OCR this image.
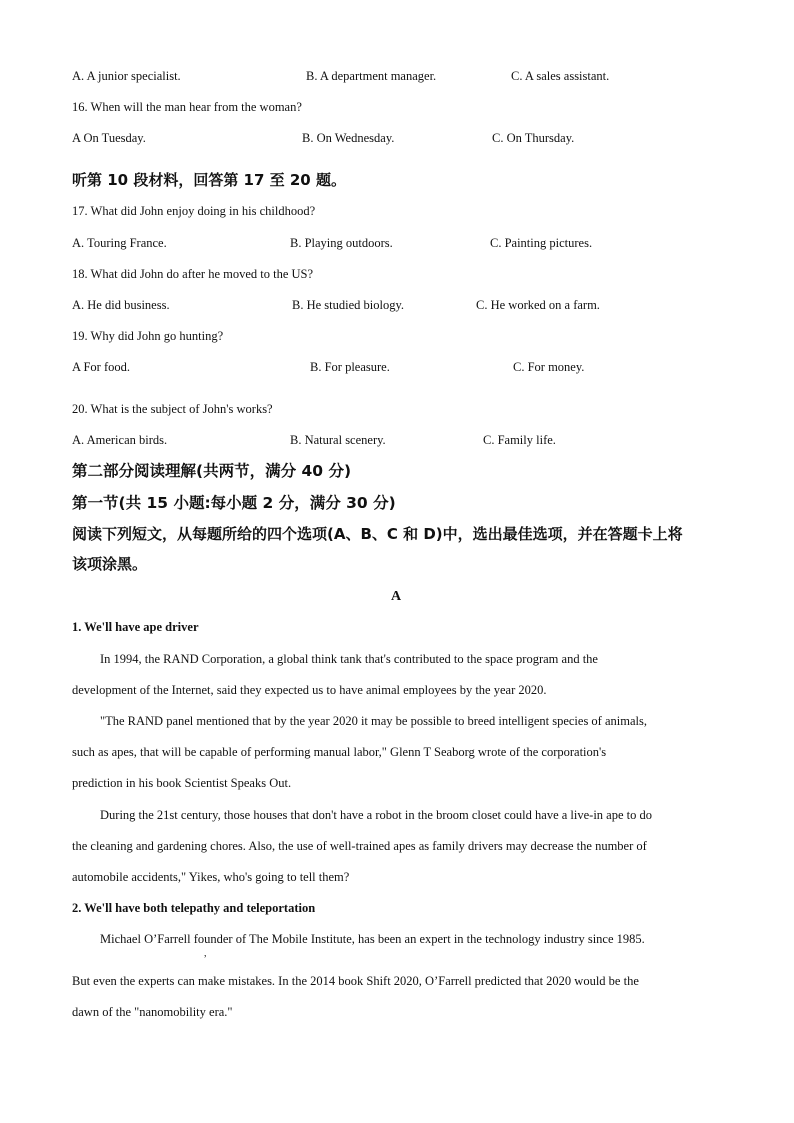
A. A junior specialist.	B. A department manager.	C. A sales assistant.
16. When will the man hear from the woman?
A On Tuesday.	B. On Wednesday.	C. On Thursday.
听第 10 段材料，回答第 17 至 20 题。
17. What did John enjoy doing in his childhood?
A. Touring France.	B. Playing outdoors.	C. Painting pictures.
18. What did John do after he moved to the US?
A. He did business.	B. He studied biology.	C. He worked on a farm.
19. Why did John go hunting?
A For food.	B. For pleasure.	C. For money.
20. What is the subject of John's works?
A. American birds.	B. Natural scenery.	C. Family life.
第二部分阅读理解(共两节，满分 40 分)
第一节(共 15 小题:每小题 2 分，满分 30 分)
阅读下列短文，从每题所给的四个选项(A、B、C 和 D)中，选出最佳选项，并在答题卡上将
该项涂黑。
A
1. We'll have ape driver
In 1994, the RAND Corporation, a global think tank that's contributed to the space program and the
development of the Internet, said they expected us to have animal employees by the year 2020.
"The RAND panel mentioned that by the year 2020 it may be possible to breed intelligent species of animals,
such as apes, that will be capable of performing manual labor," Glenn T Seaborg wrote of the corporation's
prediction in his book Scientist Speaks Out.
During the 21st century, those houses that don't have a robot in the broom closet could have a live-in ape to do
the cleaning and gardening chores. Also, the use of well-trained apes as family drivers may decrease the number of
automobile accidents," Yikes, who's going to tell them?
2. We'll have both telepathy and teleportation
Michael O’Farrell founder of The Mobile Institute, has been an expert in the technology industry since 1985.
,
But even the experts can make mistakes. In the 2014 book Shift 2020, O’Farrell predicted that 2020 would be the
dawn of the "nanomobility era."
